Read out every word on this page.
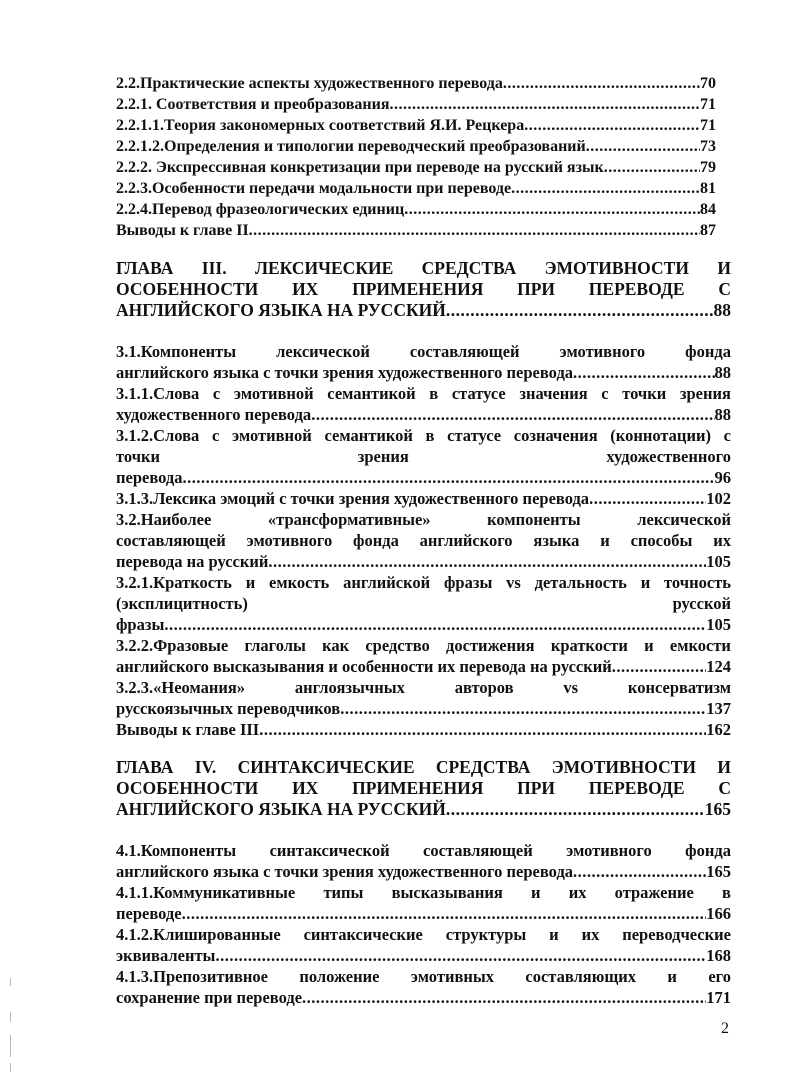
2.2.Практические аспекты художественного перевода .....	70
2.2.1. Соответствия и преобразования .....	71
2.2.1.1.Теория закономерных соответствий Я.И. Рецкера .....	71
2.2.1.2.Определения и типологии переводческий преобразований .....	73
2.2.2. Экспрессивная конкретизации при переводе на русский язык .....	79
2.2.3.Особенности передачи модальности при переводе .....	81
2.2.4.Перевод фразеологических единиц .....	84
Выводы к главе II .....	87
ГЛАВА III. ЛЕКСИЧЕСКИЕ СРЕДСТВА ЭМОТИВНОСТИ И
ОСОБЕННОСТИ ИХ ПРИМЕНЕНИЯ ПРИ ПЕРЕВОДЕ С
АНГЛИЙСКОГО ЯЗЫКА НА РУССКИЙ .....	88
3.1.Компоненты лексической составляющей эмотивного фонда
английского языка с точки зрения художественного перевода .....	88
3.1.1.Слова с эмотивной семантикой в статусе значения с точки зрения
художественного перевода .....	88
3.1.2.Слова с эмотивной семантикой в статусе созначения (коннотации) с
точки	зрения	художественного
перевода .....	96
3.1.3.Лексика эмоций с точки зрения художественного перевода .....	102
3.2.Наиболее	«трансформативные»	компоненты	лексической
составляющей эмотивного фонда английского языка и способы их
перевода на русский .....	105
3.2.1.Краткость и емкость английской фразы vs детальность и точность
(эксплицитность)	русской
фразы .....	105
3.2.2.Фразовые глаголы как средство достижения краткости и емкости
английского высказывания и особенности их перевода на русский .....	124
3.2.3.«Неомания»	англоязычных	авторов	vs	консерватизм
русскоязычных переводчиков .....	137
Выводы к главе III .....	162
ГЛАВА IV. СИНТАКСИЧЕСКИЕ СРЕДСТВА ЭМОТИВНОСТИ И
ОСОБЕННОСТИ ИХ ПРИМЕНЕНИЯ ПРИ ПЕРЕВОДЕ С
АНГЛИЙСКОГО ЯЗЫКА НА РУССКИЙ .....	165
4.1.Компоненты синтаксической составляющей эмотивного фонда
английского языка с точки зрения художественного перевода .....	165
4.1.1.Коммуникативные типы высказывания и их отражение в
переводе .....	166
4.1.2.Клишированные синтаксические структуры и их переводческие
эквиваленты .....	168
4.1.3.Препозитивное положение эмотивных составляющих и его
сохранение при переводе .....	171
2
